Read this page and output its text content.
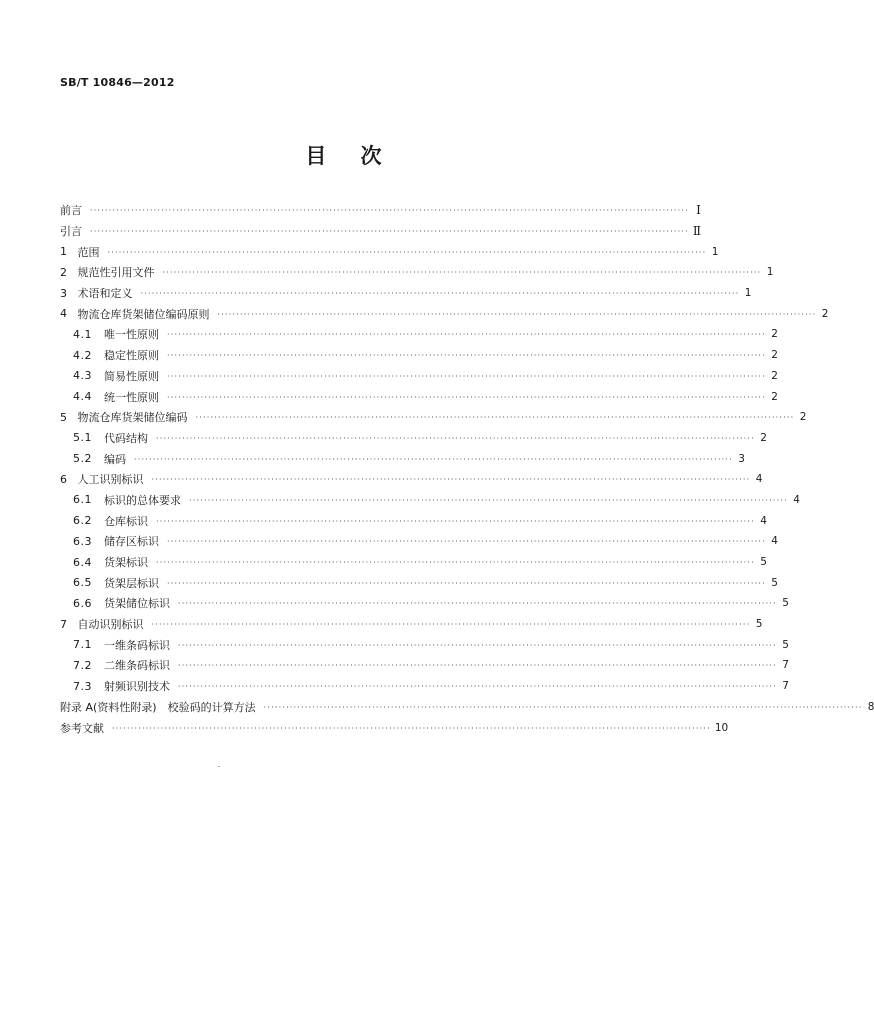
SB/T 10846—2012
目 次
前言 ································································································································································ Ⅰ
引言 ································································································································································ Ⅱ
1 范围 ································································································································································ 1
2 规范性引用文件 ································································································································································ 1
3 术语和定义 ································································································································································ 1
4 物流仓库货架储位编码原则 ································································································································································ 2
4.1 唯一性原则 ································································································································································ 2
4.2 稳定性原则 ································································································································································ 2
4.3 简易性原则 ································································································································································ 2
4.4 统一性原则 ································································································································································ 2
5 物流仓库货架储位编码 ································································································································································ 2
5.1 代码结构 ································································································································································ 2
5.2 编码 ································································································································································ 3
6 人工识别标识 ································································································································································ 4
6.1 标识的总体要求 ································································································································································ 4
6.2 仓库标识 ································································································································································ 4
6.3 储存区标识 ································································································································································ 4
6.4 货架标识 ································································································································································ 5
6.5 货架层标识 ································································································································································ 5
6.6 货架储位标识 ································································································································································ 5
7 自动识别标识 ································································································································································ 5
7.1 一维条码标识 ································································································································································ 5
7.2 二维条码标识 ································································································································································ 7
7.3 射频识别技术 ································································································································································ 7
附录 A(资料性附录)　校验码的计算方法 ································································································································································ 8
参考文献 ································································································································································ 10
